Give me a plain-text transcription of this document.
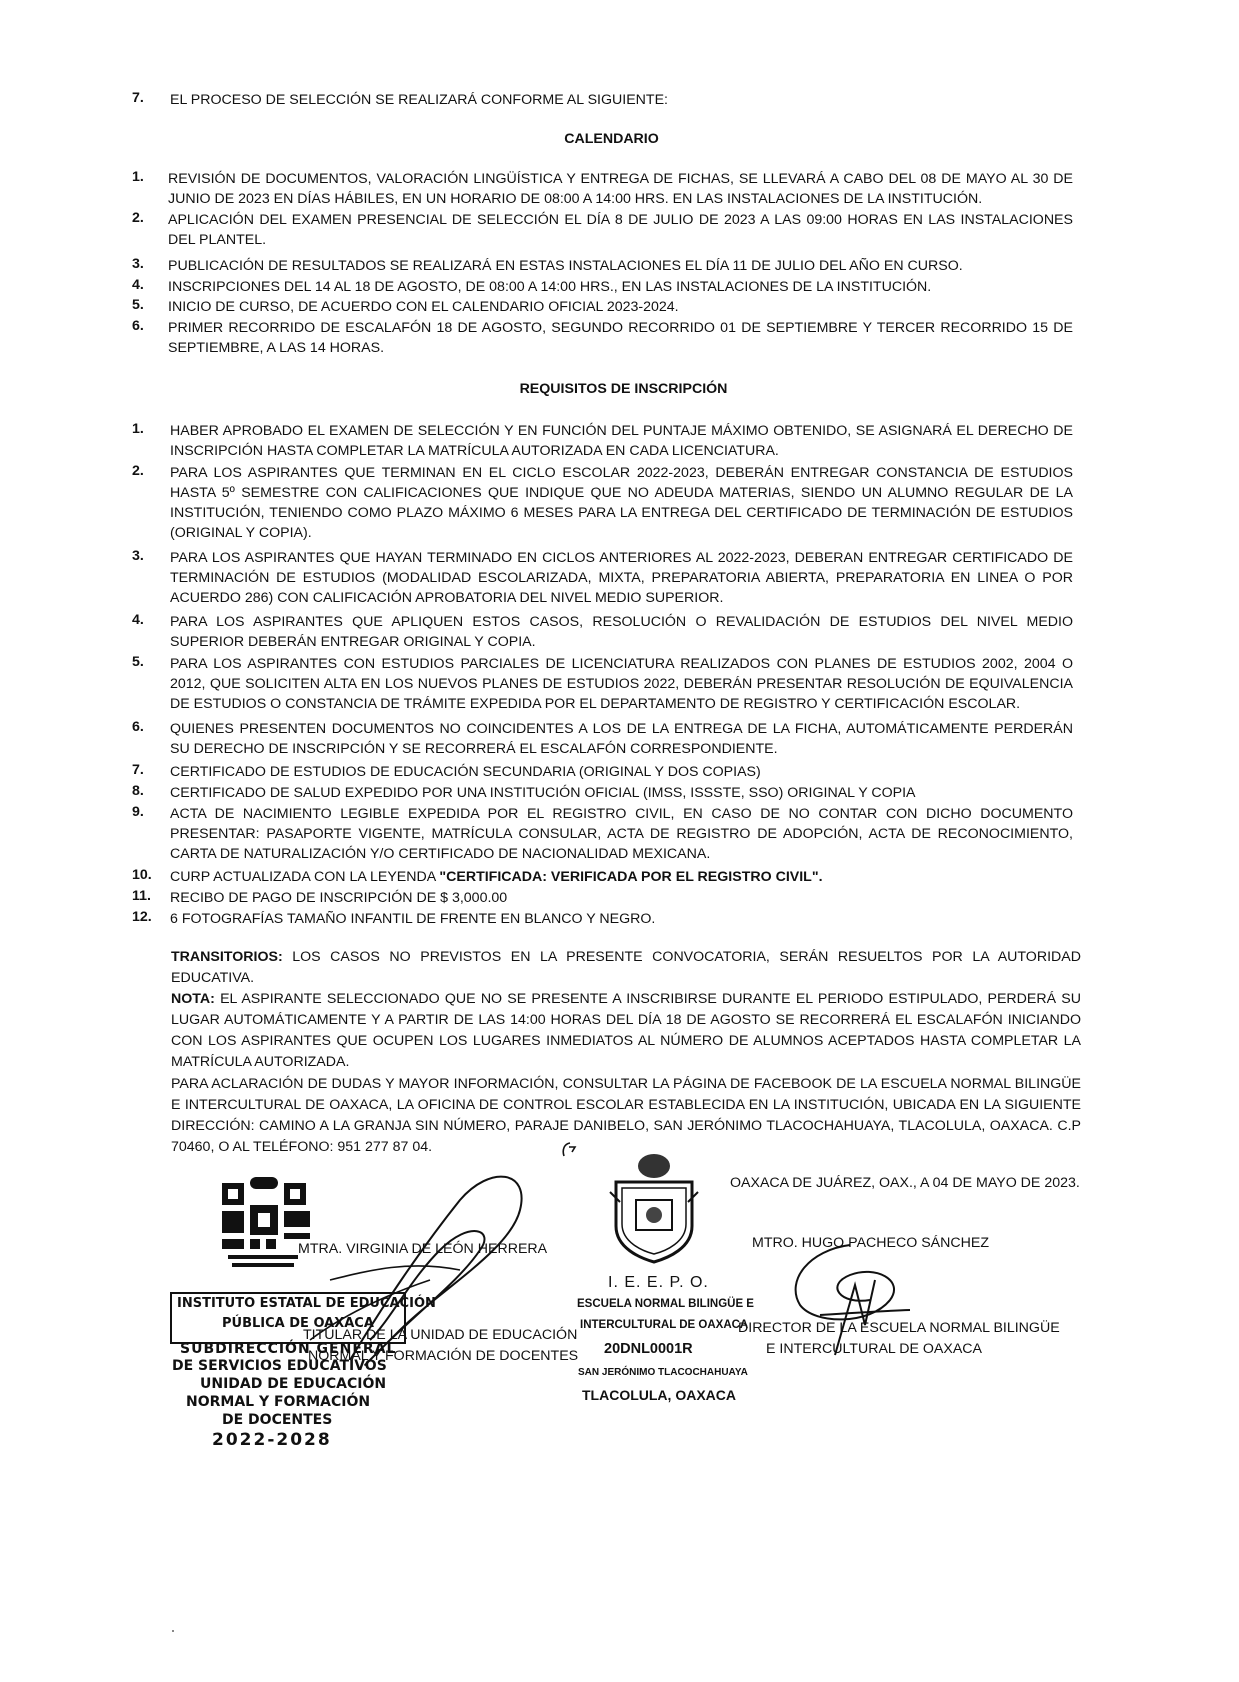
7.	EL PROCESO DE SELECCIÓN SE REALIZARÁ CONFORME AL SIGUIENTE:
CALENDARIO
1.	REVISIÓN DE DOCUMENTOS, VALORACIÓN LINGÜÍSTICA Y ENTREGA DE FICHAS, SE LLEVARÁ A CABO DEL 08 DE MAYO AL 30 DE JUNIO DE 2023 EN DÍAS HÁBILES, EN UN HORARIO DE 08:00 A 14:00 HRS. EN LAS INSTALACIONES DE LA INSTITUCIÓN.
2.	APLICACIÓN DEL EXAMEN PRESENCIAL DE SELECCIÓN EL DÍA 8 DE JULIO DE 2023 A LAS 09:00 HORAS EN LAS INSTALACIONES DEL PLANTEL.
3.	PUBLICACIÓN DE RESULTADOS SE REALIZARÁ EN ESTAS INSTALACIONES EL DÍA 11 DE JULIO DEL AÑO EN CURSO.
4.	INSCRIPCIONES DEL 14 AL 18 DE AGOSTO, DE 08:00 A 14:00 HRS., EN LAS INSTALACIONES DE LA INSTITUCIÓN.
5.	INICIO DE CURSO, DE ACUERDO CON EL CALENDARIO OFICIAL 2023-2024.
6.	PRIMER RECORRIDO DE ESCALAFÓN 18 DE AGOSTO, SEGUNDO RECORRIDO 01 DE SEPTIEMBRE Y TERCER RECORRIDO 15 DE SEPTIEMBRE, A LAS 14 HORAS.
REQUISITOS DE INSCRIPCIÓN
1.	HABER APROBADO EL EXAMEN DE SELECCIÓN Y EN FUNCIÓN DEL PUNTAJE MÁXIMO OBTENIDO, SE ASIGNARÁ EL DERECHO DE INSCRIPCIÓN HASTA COMPLETAR LA MATRÍCULA AUTORIZADA EN CADA LICENCIATURA.
2.	PARA LOS ASPIRANTES QUE TERMINAN EN EL CICLO ESCOLAR 2022-2023, DEBERÁN ENTREGAR CONSTANCIA DE ESTUDIOS HASTA 5º SEMESTRE CON CALIFICACIONES QUE INDIQUE QUE NO ADEUDA MATERIAS, SIENDO UN ALUMNO REGULAR DE LA INSTITUCIÓN, TENIENDO COMO PLAZO MÁXIMO 6 MESES PARA LA ENTREGA DEL CERTIFICADO DE TERMINACIÓN DE ESTUDIOS (ORIGINAL Y COPIA).
3.	PARA LOS ASPIRANTES QUE HAYAN TERMINADO EN CICLOS ANTERIORES AL 2022-2023, DEBERAN ENTREGAR CERTIFICADO DE TERMINACIÓN DE ESTUDIOS (MODALIDAD ESCOLARIZADA, MIXTA, PREPARATORIA ABIERTA, PREPARATORIA EN LINEA O POR ACUERDO 286) CON CALIFICACIÓN APROBATORIA DEL NIVEL MEDIO SUPERIOR.
4.	PARA LOS ASPIRANTES QUE APLIQUEN ESTOS CASOS, RESOLUCIÓN O REVALIDACIÓN DE ESTUDIOS DEL NIVEL MEDIO SUPERIOR DEBERÁN ENTREGAR ORIGINAL Y COPIA.
5.	PARA LOS ASPIRANTES CON ESTUDIOS PARCIALES DE LICENCIATURA REALIZADOS CON PLANES DE ESTUDIOS 2002, 2004 O 2012, QUE SOLICITEN ALTA EN LOS NUEVOS PLANES DE ESTUDIOS 2022, DEBERÁN PRESENTAR RESOLUCIÓN DE EQUIVALENCIA DE ESTUDIOS O CONSTANCIA DE TRÁMITE EXPEDIDA POR EL DEPARTAMENTO DE REGISTRO Y CERTIFICACIÓN ESCOLAR.
6.	QUIENES PRESENTEN DOCUMENTOS NO COINCIDENTES A LOS DE LA ENTREGA DE LA FICHA, AUTOMÁTICAMENTE PERDERÁN SU DERECHO DE INSCRIPCIÓN Y SE RECORRERÁ EL ESCALAFÓN CORRESPONDIENTE.
7.	CERTIFICADO DE ESTUDIOS DE EDUCACIÓN SECUNDARIA (ORIGINAL Y DOS COPIAS)
8.	CERTIFICADO DE SALUD EXPEDIDO POR UNA INSTITUCIÓN OFICIAL (IMSS, ISSSTE, SSO) ORIGINAL Y COPIA
9.	ACTA DE NACIMIENTO LEGIBLE EXPEDIDA POR EL REGISTRO CIVIL, EN CASO DE NO CONTAR CON DICHO DOCUMENTO PRESENTAR: PASAPORTE VIGENTE, MATRÍCULA CONSULAR, ACTA DE REGISTRO DE ADOPCIÓN, ACTA DE RECONOCIMIENTO, CARTA DE NATURALIZACIÓN Y/O CERTIFICADO DE NACIONALIDAD MEXICANA.
10.	CURP ACTUALIZADA CON LA LEYENDA "CERTIFICADA: VERIFICADA POR EL REGISTRO CIVIL".
11.	RECIBO DE PAGO DE INSCRIPCIÓN DE $ 3,000.00
12.	6 FOTOGRAFÍAS TAMAÑO INFANTIL DE FRENTE EN BLANCO Y NEGRO.
TRANSITORIOS: LOS CASOS NO PREVISTOS EN LA PRESENTE CONVOCATORIA, SERÁN RESUELTOS POR LA AUTORIDAD EDUCATIVA.
NOTA: EL ASPIRANTE SELECCIONADO QUE NO SE PRESENTE A INSCRIBIRSE DURANTE EL PERIODO ESTIPULADO, PERDERÁ SU LUGAR AUTOMÁTICAMENTE Y A PARTIR DE LAS 14:00 HORAS DEL DÍA 18 DE AGOSTO SE RECORRERÁ EL ESCALAFÓN INICIANDO CON LOS ASPIRANTES QUE OCUPEN LOS LUGARES INMEDIATOS AL NÚMERO DE ALUMNOS ACEPTADOS HASTA COMPLETAR LA MATRÍCULA AUTORIZADA.
PARA ACLARACIÓN DE DUDAS Y MAYOR INFORMACIÓN, CONSULTAR LA PÁGINA DE FACEBOOK DE LA ESCUELA NORMAL BILINGÜE E INTERCULTURAL DE OAXACA, LA OFICINA DE CONTROL ESCOLAR ESTABLECIDA EN LA INSTITUCIÓN, UBICADA EN LA SIGUIENTE DIRECCIÓN: CAMINO A LA GRANJA SIN NÚMERO, PARAJE DANIBELO, SAN JERÓNIMO TLACOCHAHUAYA, TLACOLULA, OAXACA. C.P 70460, O AL TELÉFONO: 951 277 87 04.
OAXACA DE JUÁREZ, OAX., A 04 DE MAYO DE 2023.
INSTITUTO ESTATAL DE EDUCACIÓN
PÚBLICA DE OAXACA
SUBDIRECCIÓN GENERAL
DE SERVICIOS EDUCATIVOS
UNIDAD DE EDUCACIÓN
NORMAL Y FORMACIÓN
DE DOCENTES
2022-2028
MTRA. VIRGINIA DE LEÓN HERRERA
TITULAR DE LA UNIDAD DE EDUCACIÓN
NORMAL Y FORMACIÓN DE DOCENTES
I. E. E. P. O.
ESCUELA NORMAL BILINGÜE E
INTERCULTURAL DE OAXACA
20DNL0001R
SAN JERÓNIMO TLACOCHAHUAYA
TLACOLULA, OAXACA
MTRO. HUGO PACHECO SÁNCHEZ
DIRECTOR DE LA ESCUELA NORMAL BILINGÜE
E INTERCULTURAL DE OAXACA
